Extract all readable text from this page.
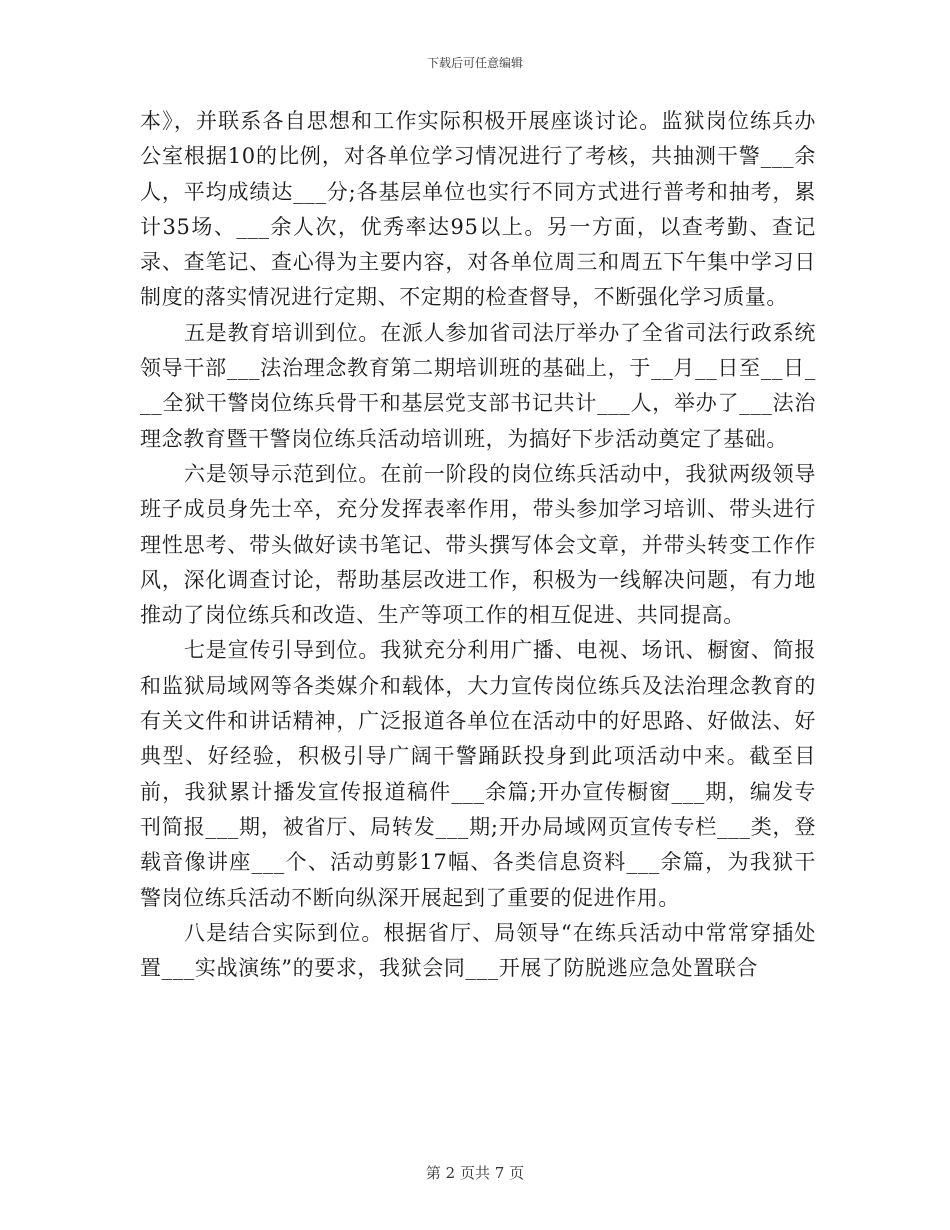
下载后可任意编辑

本》，并联系各自思想和工作实际积极开展座谈讨论。监狱岗位练兵办公室根据10的比例，对各单位学习情况进行了考核，共抽测干警___余人，平均成绩达___分;各基层单位也实行不同方式进行普考和抽考，累计35场、___余人次，优秀率达95以上。另一方面，以查考勤、查记录、查笔记、查心得为主要内容，对各单位周三和周五下午集中学习日制度的落实情况进行定期、不定期的检查督导，不断强化学习质量。

五是教育培训到位。在派人参加省司法厅举办了全省司法行政系统领导干部___法治理念教育第二期培训班的基础上，于__月__日至__日___全狱干警岗位练兵骨干和基层党支部书记共计___人，举办了___法治理念教育暨干警岗位练兵活动培训班，为搞好下步活动奠定了基础。

六是领导示范到位。在前一阶段的岗位练兵活动中，我狱两级领导班子成员身先士卒，充分发挥表率作用，带头参加学习培训、带头进行理性思考、带头做好读书笔记、带头撰写体会文章，并带头转变工作作风，深化调查讨论，帮助基层改进工作，积极为一线解决问题，有力地推动了岗位练兵和改造、生产等项工作的相互促进、共同提高。

七是宣传引导到位。我狱充分利用广播、电视、场讯、橱窗、简报和监狱局域网等各类媒介和载体，大力宣传岗位练兵及法治理念教育的有关文件和讲话精神，广泛报道各单位在活动中的好思路、好做法、好典型、好经验，积极引导广阔干警踊跃投身到此项活动中来。截至目前，我狱累计播发宣传报道稿件___余篇;开办宣传橱窗___期，编发专刊简报___期，被省厅、局转发___期;开办局域网页宣传专栏___类，登载音像讲座___个、活动剪影17幅、各类信息资料___余篇，为我狱干警岗位练兵活动不断向纵深开展起到了重要的促进作用。

八是结合实际到位。根据省厅、局领导“在练兵活动中常常穿插处置___实战演练”的要求，我狱会同___开展了防脱逃应急处置联合

第 2 页共 7 页
